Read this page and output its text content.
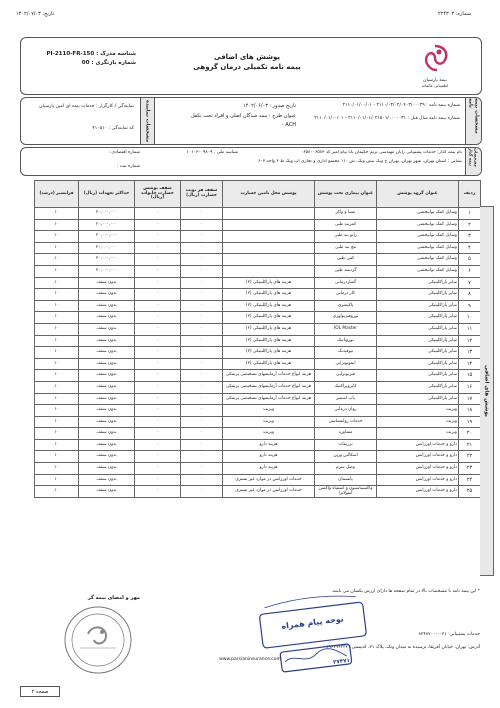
تاریخ: ۱۴۰۲/۰۷/۰۳	شماره: ۲۲۴۳۰۳
پوشش های اضافی
بیمه نامه تکمیلی درمان گروهی
شناسه مدرک : PI-2110-FR-150
شماره بازنگری : 00
بیمه پارسیان
اطمینانی عالمانه
مشخصات بیمه نامه
مشخصات نماینده	شماره بیمه نامه : ۲۱۱۰/۰۳/۰۲/۰۴۰۳/۰۰۰۳۹ - ۲۱۱۰/۰۱/۰۰/۰۱
شماره بیمه نامه سال قبل : ۲۱۱۰/۰۱/۰۱/۰۲۱۵۰۱/۰۰۰۰۰۳۱ - ۲۱۱۰/۰۱/۰۰/۰۱
تاریخ صدور : ۱۴۰۲/۰۶/۰۳
عنوان طرح : بیمه شدگان اصلی و افراد تحت تکفل
ACH -
نمایندگی / کارگزار : خدمات بیمه ای امین پارسیان
کد نمایندگی : ۴۱۰۵۱۰
مشخصات بیمه گذار
نام بیمه گذار: خدمات پشتیبانی رایان مهندسی ترنم حکیمان بابا پیام امیر کد ۰۶۵۸۰۰۶۵۸۳
شناسه ملی : ۱۰۱۰۳۰۰۹۸۰۹
شماره اقتصادی :
نشانی : استان تهران، شهر تهران، تهران خ ونک نبش ونک، ش ۱۱۰ مجتمع اداری و تجاری آپ ونک ط ۶ واحد ۶۰۷
شماره ثبت :
ردیف	عنوان گروه پوشش	عنوان بیماری تحت پوشش	پوشش محل تامین خسارت	سقف هر نوبت خسارت (ریال)	سقف پوشش خسارت خانواده (ریال)	حداکثر تعهدات (ریال)	فرانشیز (درصد)
۱	وسایل کمک توانبخشی	عصا و واکر		۰	۰	۲۰,۰۰۰,۰۰۰	۱۰
۲	وسایل کمک توانبخشی	کمربند طبی		۰	۰	۲۰,۰۰۰,۰۰۰	۱۰
۳	وسایل کمک توانبخشی	زانو بند طبی		۰	۰	۲۰,۰۰۰,۰۰۰	۱۰
۴	وسایل کمک توانبخشی	مچ بند طبی		۰	۰	۲۰,۰۰۰,۰۰۰	۱۰
۵	وسایل کمک توانبخشی	کفی طبی		۰	۰	۲۰,۰۰۰,۰۰۰	۱۰
۶	وسایل کمک توانبخشی	گردنبند طبی		۰	۰	۲۰,۰۰۰,۰۰۰	۱۰
۷	سایر پاراکلینیکی	گفتاردرمانی	هزینه های پاراکلینیکی (۲)	۰	۰	بدون سقف	۱۰
۸	سایر پاراکلینیکی	کار درمانی	هزینه های پاراکلینیکی (۲)	۰	۰	بدون سقف	۱۰
۹	سایر پاراکلینیکی	پاکیمتری	هزینه های پاراکلینیکی (۲)	۰	۰	بدون سقف	۱۰
۱۰	سایر پاراکلینیکی	نوروفیزیولوژی	هزینه های پاراکلینیکی (۲)	۰	۰	بدون سقف	۱۰
۱۱	سایر پاراکلینیکی	IOL Master	هزینه های پاراکلینیکی (۲)	۰	۰	بدون سقف	۱۰
۱۲	سایر پاراکلینیکی	نوروپاتیک	هزینه های پاراکلینیکی (۲)	۰	۰	بدون سقف	۱۰
۱۳	سایر پاراکلینیکی	بیوفیدبک	هزینه های پاراکلینیکی (۲)	۰	۰	بدون سقف	۱۰
۱۴	سایر پاراکلینیکی	ایمونوتراپی	هزینه های پاراکلینیکی (۲)	۰	۰	بدون سقف	۱۰
۱۵	سایر پاراکلینیکی	فیزیوتراپی	هزینه انواع خدمات آزمایشهای تشخیصی پزشکی	۰	۰	بدون سقف	۱۰
۱۶	سایر پاراکلینیکی	کایروپراکتیک	هزینه انواع خدمات آزمایشهای تشخیصی پزشکی	۰	۰	بدون سقف	۱۰
۱۷	سایر پاراکلینیکی	پاپ اسمیر	هزینه انواع خدمات آزمایشهای تشخیصی پزشکی	۰	۰	بدون سقف	۱۰
۱۸	ویزیت	روان درمانی	ویزیت	۰	۰	بدون سقف	۱۰
۱۹	ویزیت	خدمات روانشناسی	ویزیت	۰	۰	بدون سقف	۱۰
۲۰	ویزیت	مشاوره	ویزیت	۰	۰	بدون سقف	۱۰
۲۱	دارو و خدمات اورژانس	تزریقات	هزینه دارو	۰	۰	بدون سقف	۱۰
۲۲	دارو و خدمات اورژانس	اسکالین ورین	هزینه دارو	۰	۰	بدون سقف	۱۰
۲۳	دارو و خدمات اورژانس	وصل سرم	هزینه دارو	۰	۰	بدون سقف	۱۰
۲۴	دارو و خدمات اورژانس	پانسمان	خدمات اورژانس در موارد غیر بستری	۰	۰	بدون سقف	۱۰
۲۵	دارو و خدمات اورژانس	واکسیناسیون و استثناء واکسن آنفولانزا	خدمات اورژانس در موارد غیر بستری	۰	۰	بدون سقف	۱۰
پوشش های اضافی
* این بیمه نامه با مشخصات بالا در تمام صفحه ها دارای ارزش یکسان می باشد.
مهر و امضای بیمه گر
خدمات پشتیبانی: ۰۲۱-۸۲۴۸۷۰۰۰
آدرس: تهران، خیابان آفریقا، نرسیده به میدان ونک، پلاک ۲۱، کدپستی ۱۹۶۶۹۴۳۳۲۱
www.parsianinsurance.com
نوحه پیام همراه
۲۷۴۷۱
صفحه ۲
